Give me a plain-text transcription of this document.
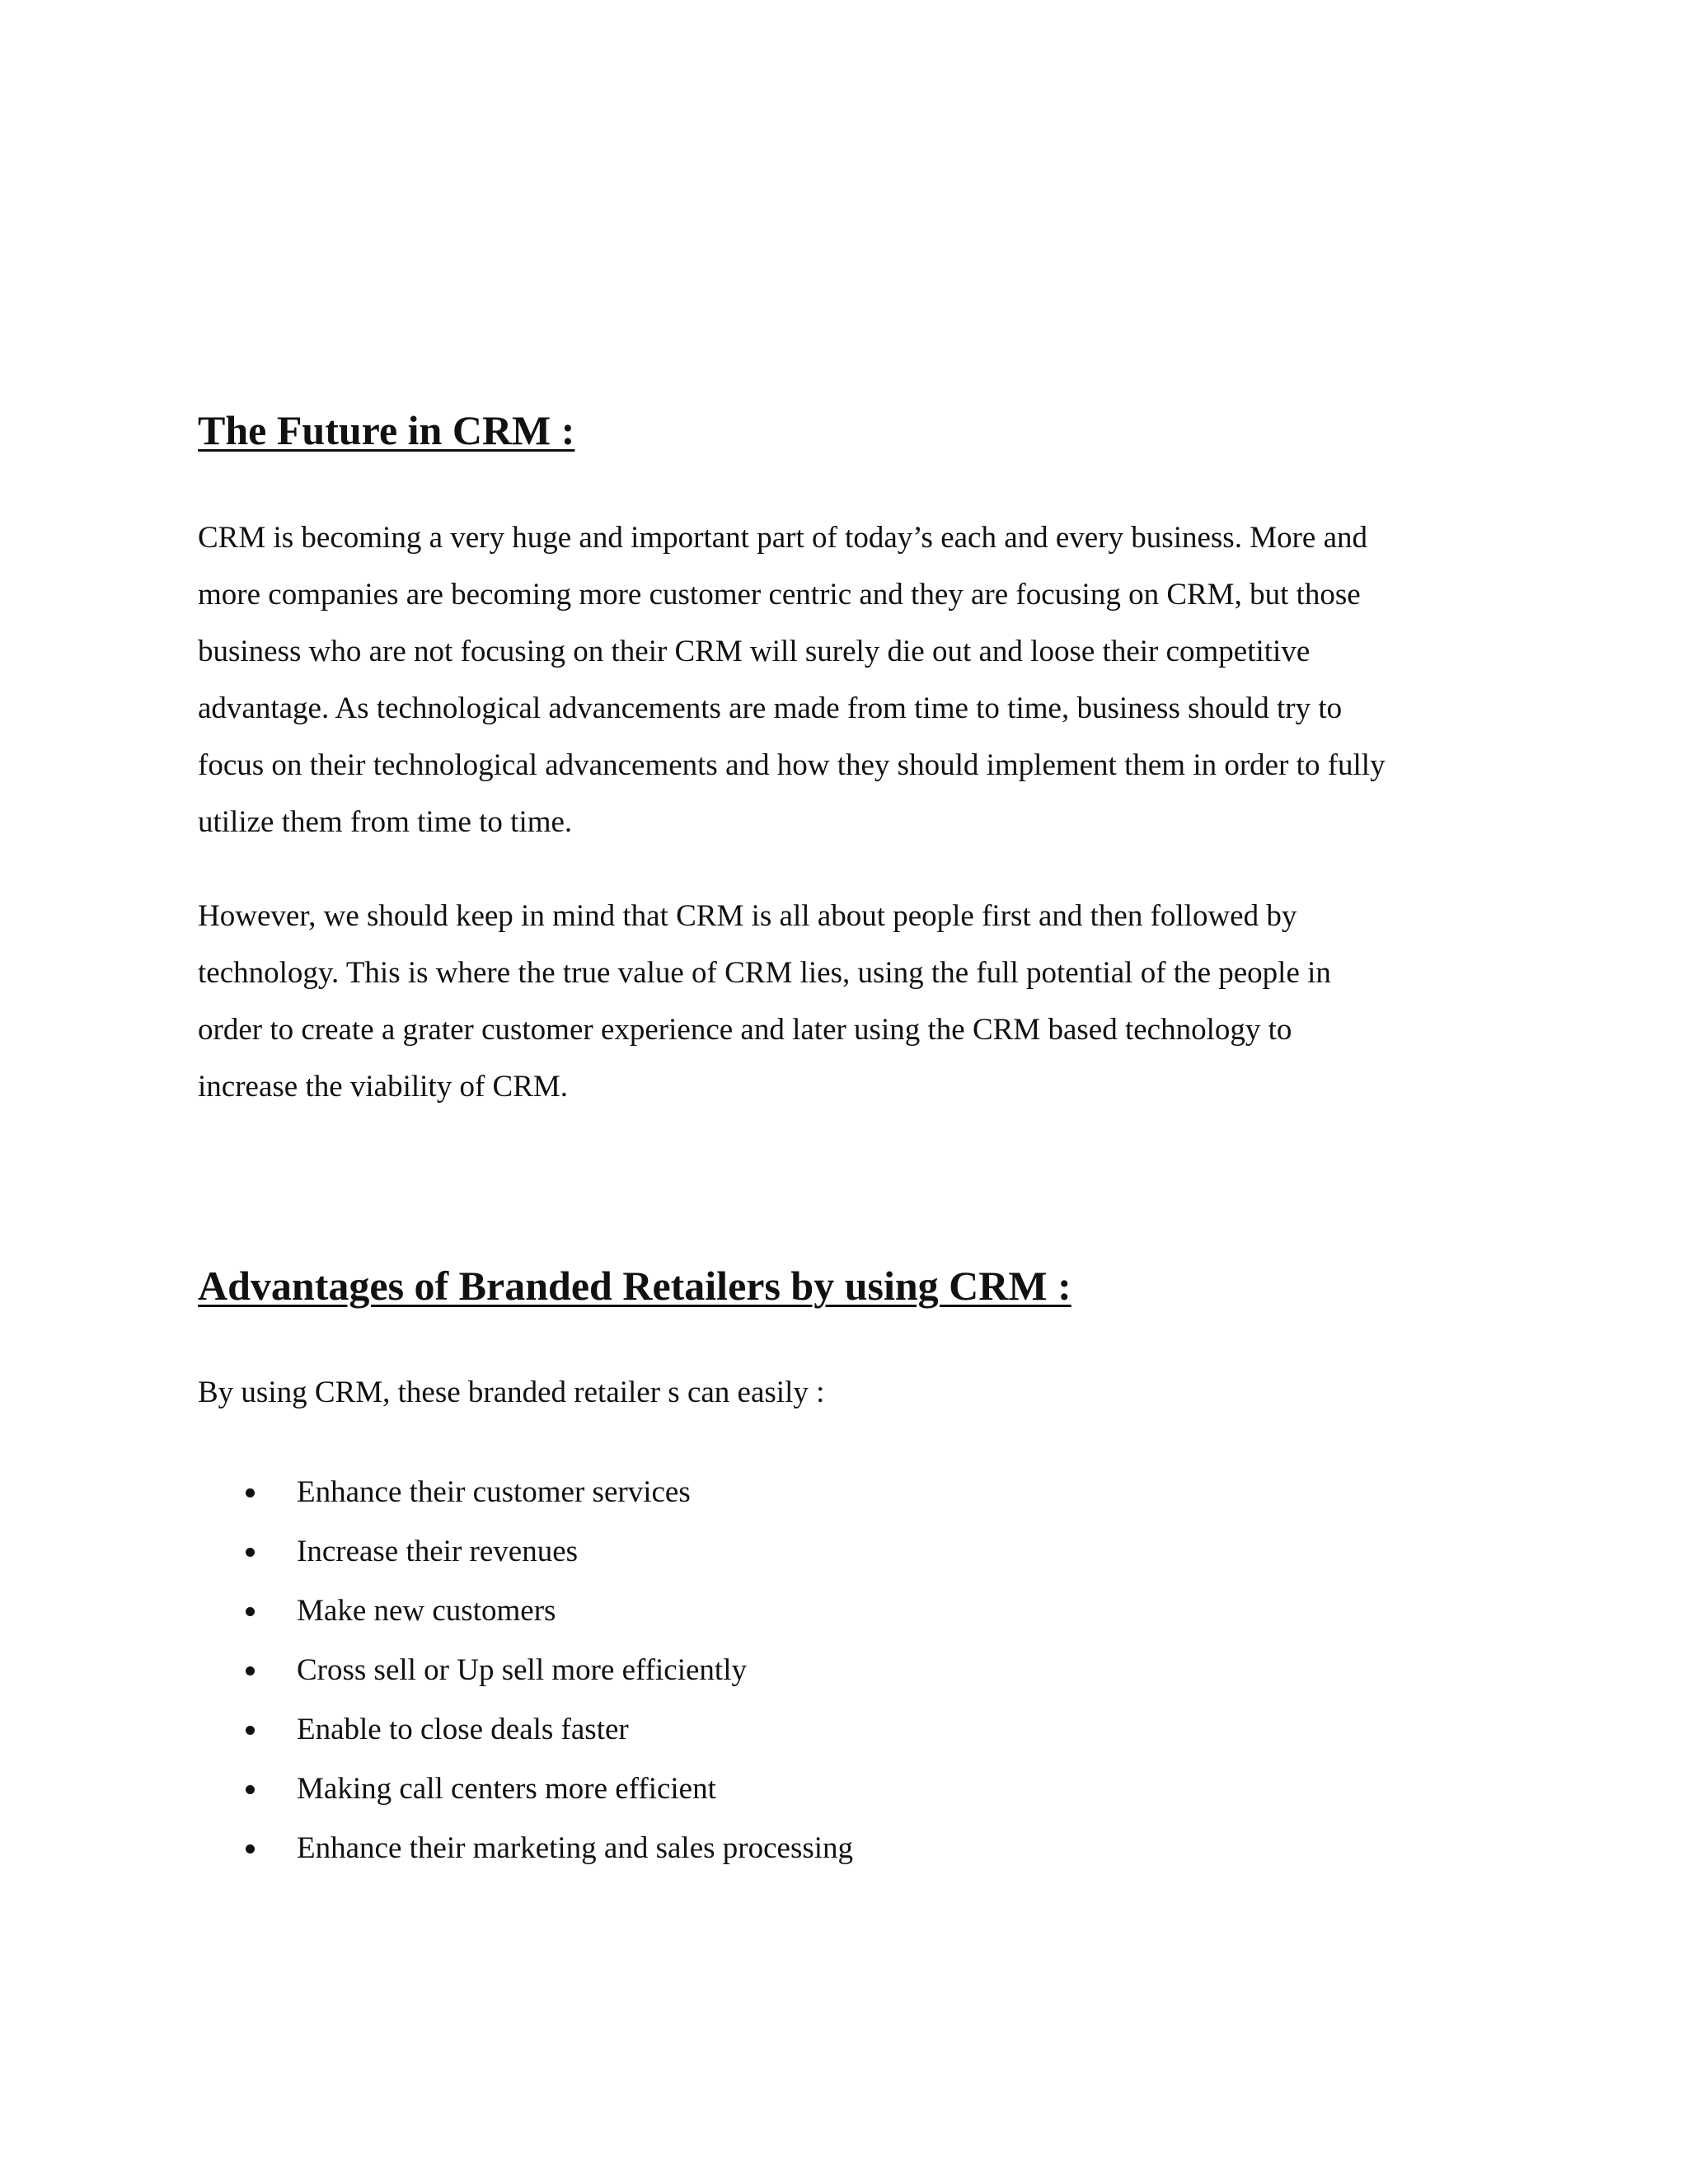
The Future in CRM :

CRM is becoming a very huge and important part of today’s each and every business. More and
more companies are becoming more customer centric and they are focusing on CRM, but those
business who are not focusing on their CRM will surely die out and loose their competitive
advantage. As technological advancements are made from time to time, business should try to
focus on their technological advancements and how they should implement them in order to fully
utilize them from time to time.

However, we should keep in mind that CRM is all about people first and then followed by
technology. This is where the true value of CRM lies, using the full potential of the people in
order to create a grater customer experience and later using the CRM based technology to
increase the viability of CRM.

Advantages of Branded Retailers by using CRM :

By using CRM, these branded retailer s can easily :

Enhance their customer services
Increase their revenues
Make new customers
Cross sell or Up sell more efficiently
Enable to close deals faster
Making call centers more efficient
Enhance their marketing and sales processing
